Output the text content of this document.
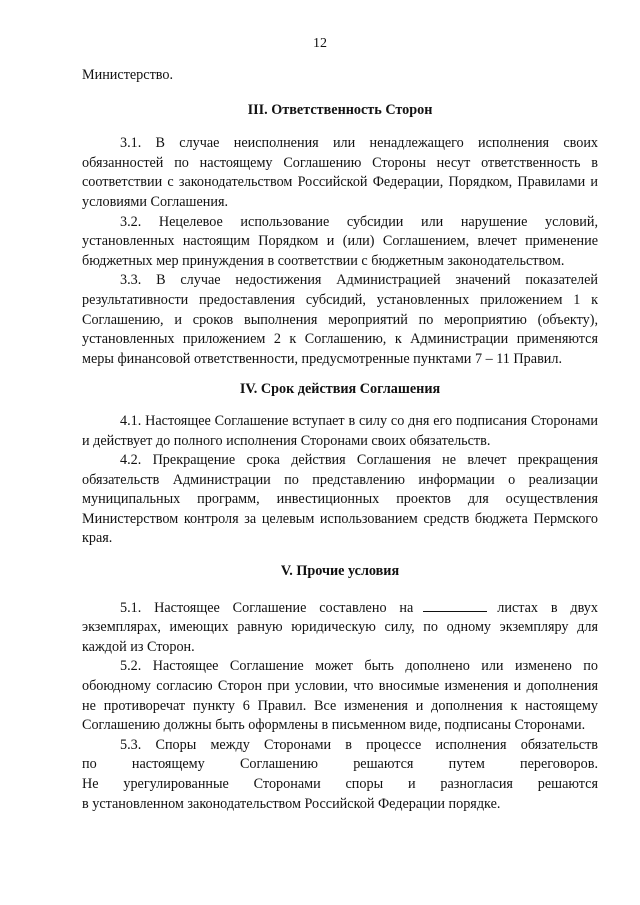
12

Министерство.

III. Ответственность Сторон

3.1. В случае неисполнения или ненадлежащего исполнения своих обязанностей по настоящему Соглашению Стороны несут ответственность в соответствии с законодательством Российской Федерации, Порядком, Правилами и условиями Соглашения.

3.2. Нецелевое использование субсидии или нарушение условий, установленных настоящим Порядком и (или) Соглашением, влечет применение бюджетных мер принуждения в соответствии с бюджетным законодательством.

3.3. В случае недостижения Администрацией значений показателей результативности предоставления субсидий, установленных приложением 1 к Соглашению, и сроков выполнения мероприятий по мероприятию (объекту), установленных приложением 2 к Соглашению, к Администрации применяются меры финансовой ответственности, предусмотренные пунктами 7 – 11 Правил.

IV. Срок действия Соглашения

4.1. Настоящее Соглашение вступает в силу со дня его подписания Сторонами и действует до полного исполнения Сторонами своих обязательств.

4.2. Прекращение срока действия Соглашения не влечет прекращения обязательств Администрации по представлению информации о реализации муниципальных программ, инвестиционных проектов для осуществления Министерством контроля за целевым использованием средств бюджета Пермского края.

V. Прочие условия

5.1. Настоящее Соглашение составлено на	листах в двух экземплярах, имеющих равную юридическую силу, по одному экземпляру для каждой из Сторон.

5.2. Настоящее Соглашение может быть дополнено или изменено по обоюдному согласию Сторон при условии, что вносимые изменения и дополнения не противоречат пункту 6 Правил. Все изменения и дополнения к настоящему Соглашению должны быть оформлены в письменном виде, подписаны Сторонами.

5.3. Споры между Сторонами в процессе исполнения обязательств

по настоящему Соглашению решаются путем переговоров.

Не урегулированные Сторонами споры и разногласия решаются

в установленном законодательством Российской Федерации порядке.
